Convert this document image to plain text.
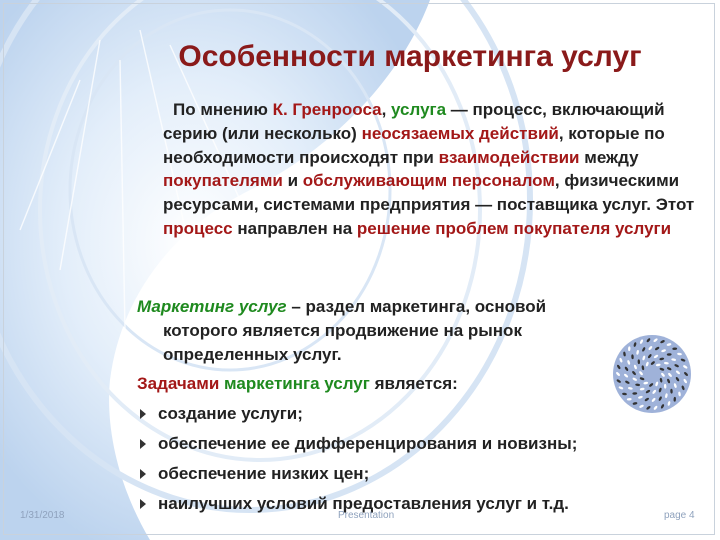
Особенности маркетинга услуг

По мнению К. Гренрооса, услуга — процесс, включающий серию (или несколько) неосязаемых действий, которые по необходимости происходят при взаимодействии между покупателями и обслуживающим персоналом, физическими ресурсами, системами предприятия — поставщика услуг. Этот процесс направлен на решение проблем покупателя услуги

Маркетинг услуг – раздел маркетинга, основой
которого является продвижение на рынок
определенных услуг.

Задачами маркетинга услуг является:

создание услуги;
обеспечение ее дифференцирования и новизны;
обеспечение низких цен;
наилучших условий предоставления услуг и т.д.
1/31/2018	Presentation	page 4
